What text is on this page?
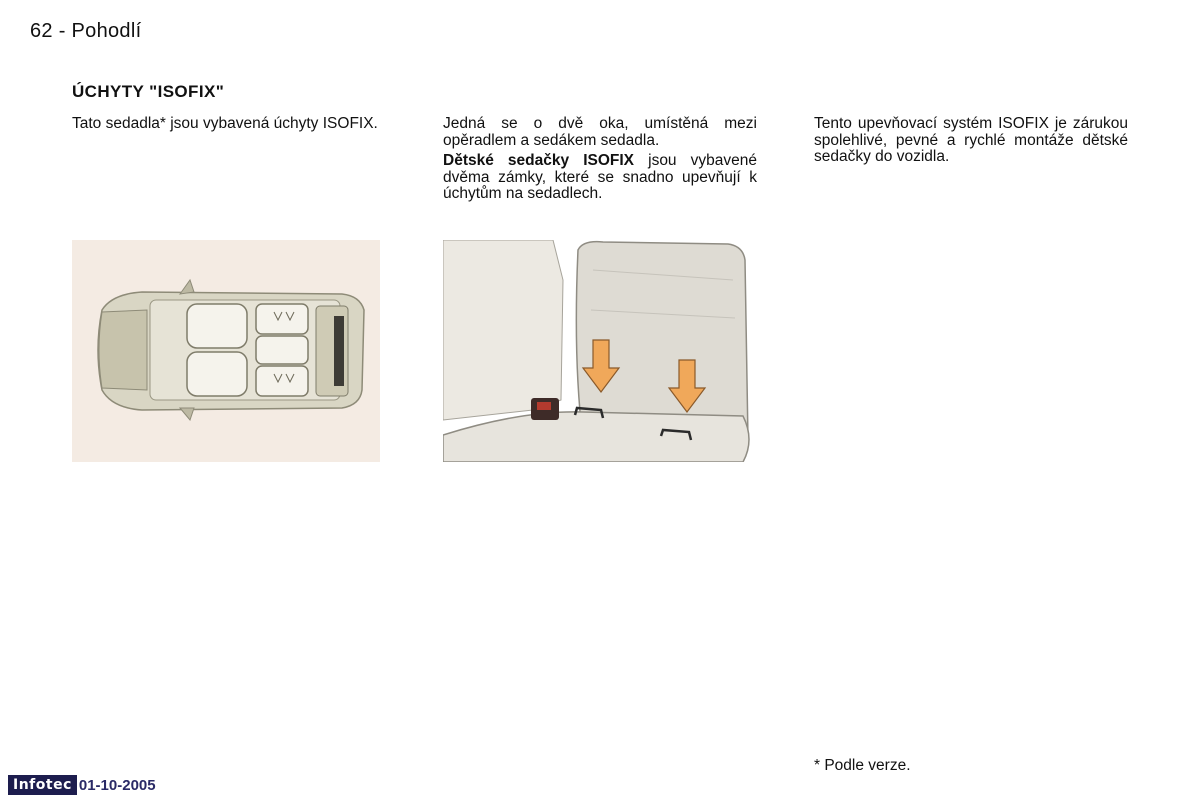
62 - Pohodlí
ÚCHYTY "ISOFIX"

Tato sedadla* jsou vybavená úchyty ISOFIX.	Jedná se o dvě oka, umístěná mezi opěradlem a sedákem sedadla.

Dětské sedačky ISOFIX jsou vybavené dvěma zámky, které se snadno upevňují k úchytům na sedadlech.

Tento upevňovací systém ISOFIX je zárukou spolehlivé, pevné a rychlé montáže dětské sedačky do vozidla.

* Podle verze.
Infotec 01-10-2005
